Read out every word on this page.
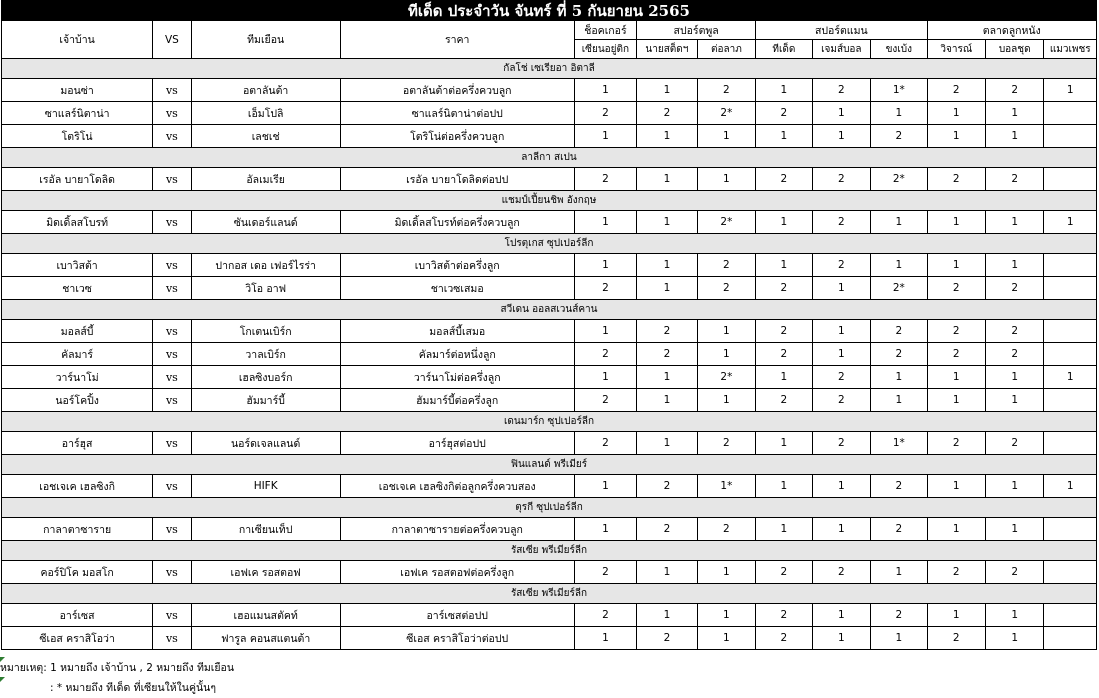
ทีเด็ด ประจำวัน จันทร์ ที่ 5 กันยายน 2565
เจ้าบ้าน	VS	ทีมเยือน	ราคา	ช็อคเกอร์	สปอร์ตพูล		สปอร์ตแมน			ตลาดลูกหนัง		
				เซียนอยู่ติก	นายสต็ดฯ	ต่อลาภ	ทีเด็ด	เจมส์บอล	ขงเบ้ง	วิจารณ์	บอลชุด	แมวเพชร
กัลโช่ เซเรียอา อิตาลี												
มอนซ่า	vs	อตาลันต้า	อตาลันต้าต่อครึ่งควบลูก	1	1	2	1	2	1*	2	2	1
ซาแลร์นิตาน่า	vs	เอ็มโปลิ	ซาแลร์นิตาน่าต่อปป	2	2	2*	2	1	1	1	1	
โตริโน่	vs	เลชเช่	โตริโน่ต่อครึ่งควบลูก	1	1	1	1	1	2	1	1	
ลาลีกา สเปน												
เรอัล บายาโดลิด	vs	อัลเมเรีย	เรอัล บายาโดลิดต่อปป	2	1	1	2	2	2*	2	2	
แชมป์เปี้ยนชิพ อังกฤษ												
มิดเดิ้ลสโบรท์	vs	ซันเดอร์แลนด์	มิดเดิ้ลสโบรท์ต่อครึ่งควบลูก	1	1	2*	1	2	1	1	1	1
โปรตุเกส ซุปเปอร์ลีก												
เบาวิสต้า	vs	ปากอส เดอ เฟอร์ไรร่า	เบาวิสต้าต่อครึ่งลูก	1	1	2	1	2	1	1	1	
ชาเวซ	vs	วิโอ อาฟ	ชาเวซเสมอ	2	1	2	2	1	2*	2	2	
สวีเดน ออลสเวนส์คาน												
มอลส์บี้	vs	โกเตนเบิร์ก	มอลส์บี้เสมอ	1	2	1	2	1	2	2	2	
คัลมาร์	vs	วาลเบิร์ก	คัลมาร์ต่อหนึ่งลูก	2	2	1	2	1	2	2	2	
วาร์นาโม่	vs	เฮลซิงบอร์ก	วาร์นาโม่ต่อครึ่งลูก	1	1	2*	1	2	1	1	1	1
นอร์โคปิ้ง	vs	ฮัมมาร์บี้	ฮัมมาร์บี้ต่อครึ่งลูก	2	1	1	2	2	1	1	1	
เดนมาร์ก ซุปเปอร์ลีก												
อาร์ฮุส	vs	นอร์ดเจลแลนด์	อาร์ฮุสต่อปป	2	1	2	1	2	1*	2	2	
ฟินแลนด์ พรีเมียร์												
เอชเจเค เฮลซิงกิ	vs	HIFK	เอชเจเค เฮลซิงกิต่อลูกครึ่งควบสอง	1	2	1*	1	1	2	1	1	1
ตุรกี ซุปเปอร์ลีก												
กาลาตาซาราย	vs	กาเซียนเท็ป	กาลาตาซารายต่อครึ่งควบลูก	1	2	2	1	1	2	1	1	
รัสเซีย พรีเมียร์ลีก												
คอร์ปิโค มอสโก	vs	เอฟเค รอสตอฟ	เอฟเค รอสตอฟต่อครึ่งลูก	2	1	1	2	2	1	2	2	
รัสเซีย พรีเมียร์ลีก												
อาร์เซส	vs	เฮอแมนสตัคท์	อาร์เซสต่อปป	2	1	1	2	1	2	1	1	
ซีเอส คราสิโอว่า	vs	ฟารูล คอนสแตนต้า	ซีเอส คราสิโอว่าต่อปป	1	2	1	2	1	1	2	1	
หมายเหตุ: 1 หมายถึง เจ้าบ้าน , 2 หมายถึง ทีมเยือน
: * หมายถึง ทีเด็ด ที่เซียนให้ในคู่นั้นๆ
